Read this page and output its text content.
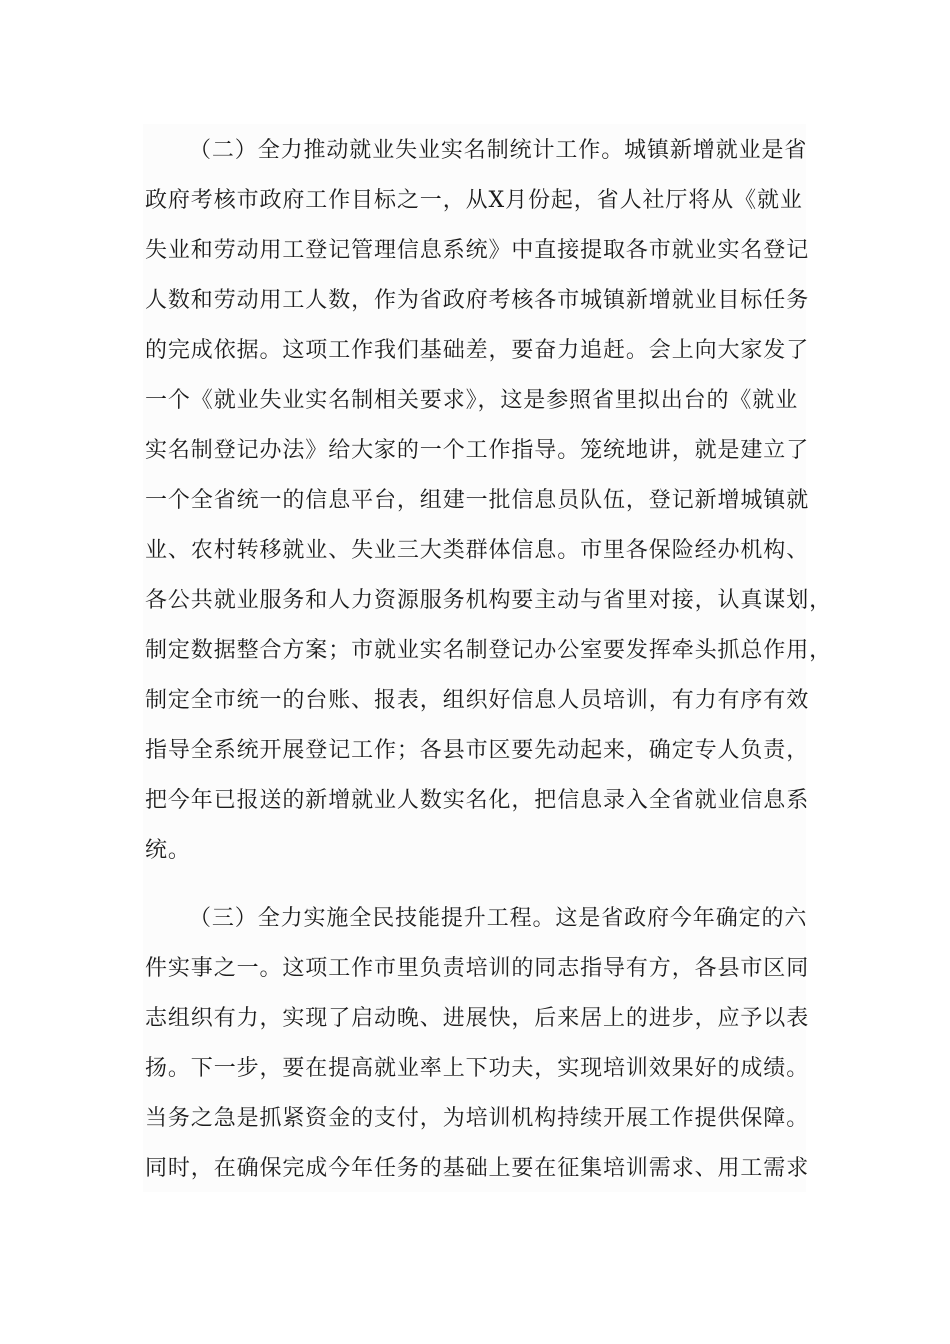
（二）全力推动就业失业实名制统计工作。城镇新增就业是省
政府考核市政府工作目标之一，从X月份起，省人社厅将从《就业
失业和劳动用工登记管理信息系统》中直接提取各市就业实名登记
人数和劳动用工人数，作为省政府考核各市城镇新增就业目标任务
的完成依据。这项工作我们基础差，要奋力追赶。会上向大家发了
一个《就业失业实名制相关要求》，这是参照省里拟出台的《就业
实名制登记办法》给大家的一个工作指导。笼统地讲，就是建立了
一个全省统一的信息平台，组建一批信息员队伍，登记新增城镇就
业、农村转移就业、失业三大类群体信息。市里各保险经办机构、
各公共就业服务和人力资源服务机构要主动与省里对接，认真谋划，
制定数据整合方案；市就业实名制登记办公室要发挥牵头抓总作用，
制定全市统一的台账、报表，组织好信息人员培训，有力有序有效
指导全系统开展登记工作；各县市区要先动起来，确定专人负责，
把今年已报送的新增就业人数实名化，把信息录入全省就业信息系
统。
（三）全力实施全民技能提升工程。这是省政府今年确定的六
件实事之一。这项工作市里负责培训的同志指导有方，各县市区同
志组织有力，实现了启动晚、进展快，后来居上的进步，应予以表
扬。下一步，要在提高就业率上下功夫，实现培训效果好的成绩。
当务之急是抓紧资金的支付，为培训机构持续开展工作提供保障。
同时，在确保完成今年任务的基础上要在征集培训需求、用工需求
